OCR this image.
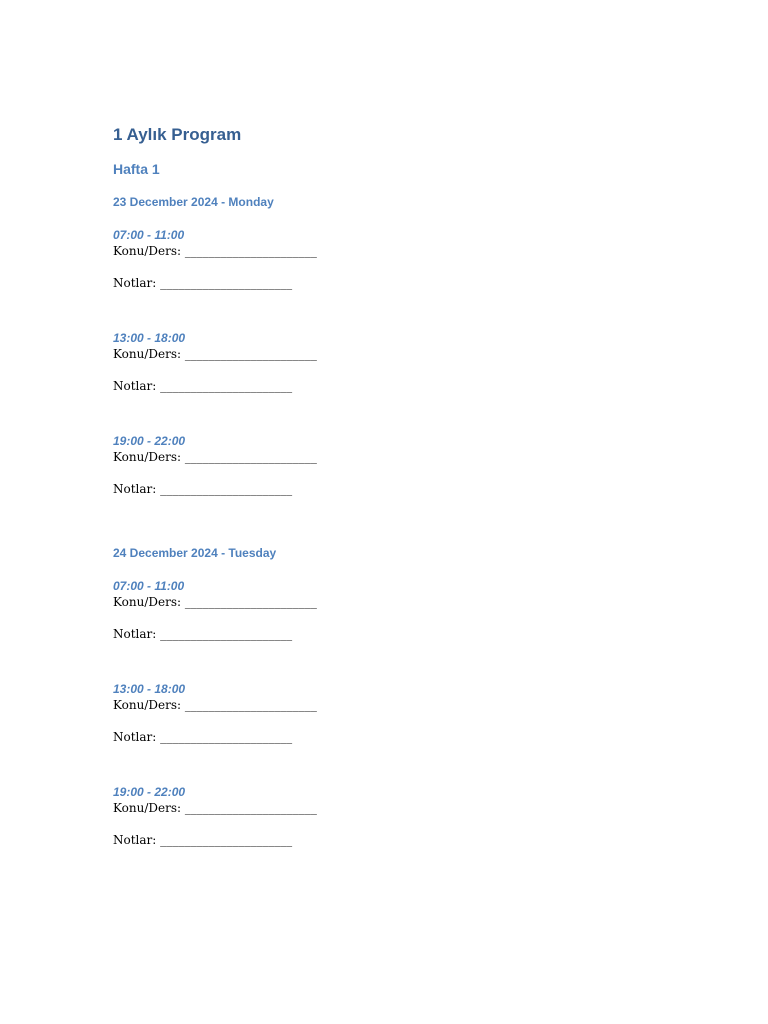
1 Aylık Program
Hafta 1
23 December 2024 - Monday

07:00 - 11:00

Konu/Ders: ______________________

Notlar: ______________________

13:00 - 18:00

Konu/Ders: ______________________

Notlar: ______________________

19:00 - 22:00

Konu/Ders: ______________________

Notlar: ______________________

24 December 2024 - Tuesday

07:00 - 11:00

Konu/Ders: ______________________

Notlar: ______________________

13:00 - 18:00

Konu/Ders: ______________________

Notlar: ______________________

19:00 - 22:00

Konu/Ders: ______________________

Notlar: ______________________
